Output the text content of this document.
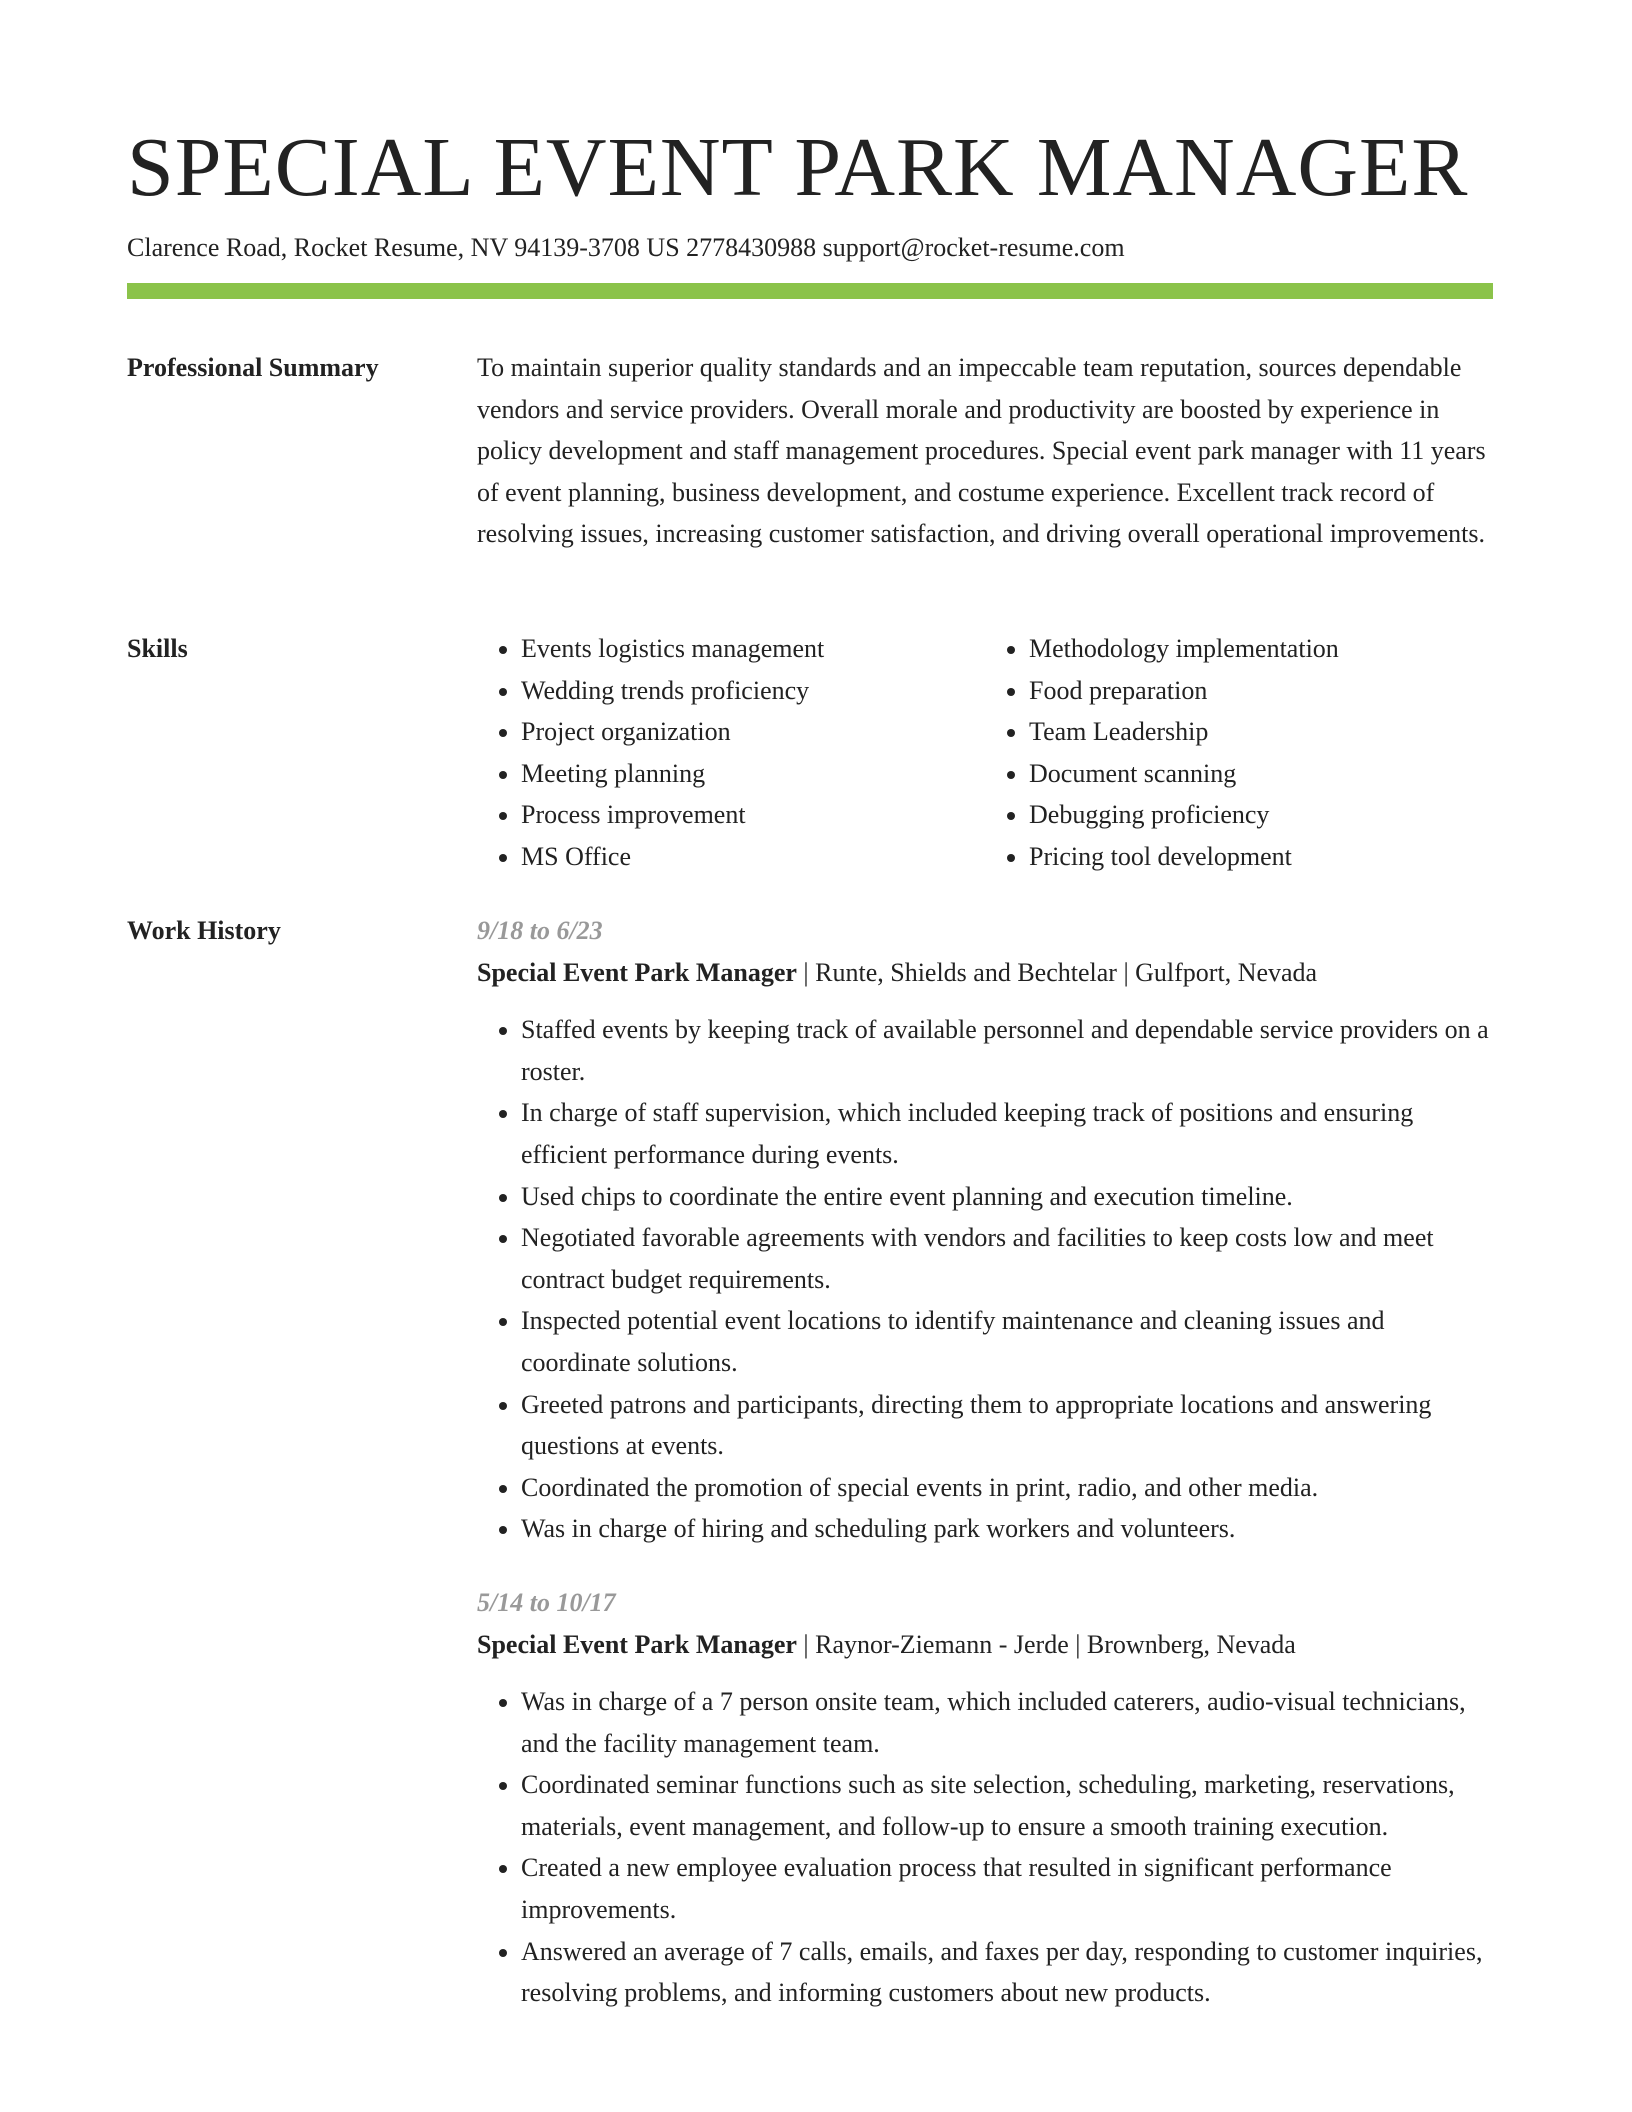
SPECIAL EVENT PARK MANAGER
Clarence Road, Rocket Resume, NV 94139-3708 US 2778430988 support@rocket-resume.com
Professional Summary	To maintain superior quality standards and an impeccable team reputation, sources dependable vendors and service providers. Overall morale and productivity are boosted by experience in policy development and staff management procedures. Special event park manager with 11 years of event planning, business development, and costume experience. Excellent track record of resolving issues, increasing customer satisfaction, and driving overall operational improvements.

Skills
•	Events logistics management
• Wedding trends proficiency
• Project organization
• Meeting planning
• Process improvement
• MS Office
• Methodology implementation
• Food preparation
• Team Leadership
• Document scanning
• Debugging proficiency
• Pricing tool development
Work History	9/18 to 6/23
Special Event Park Manager | Runte, Shields and Bechtelar | Gulfport, Nevada
• Staffed events by keeping track of available personnel and dependable service providers on a roster.
• In charge of staff supervision, which included keeping track of positions and ensuring efficient performance during events.
• Used chips to coordinate the entire event planning and execution timeline.
• Negotiated favorable agreements with vendors and facilities to keep costs low and meet contract budget requirements.
• Inspected potential event locations to identify maintenance and cleaning issues and coordinate solutions.
• Greeted patrons and participants, directing them to appropriate locations and answering questions at events.
• Coordinated the promotion of special events in print, radio, and other media.
• Was in charge of hiring and scheduling park workers and volunteers.
5/14 to 10/17
Special Event Park Manager | Raynor-Ziemann - Jerde | Brownberg, Nevada
• Was in charge of a 7 person onsite team, which included caterers, audio-visual technicians, and the facility management team.
• Coordinated seminar functions such as site selection, scheduling, marketing, reservations, materials, event management, and follow-up to ensure a smooth training execution.
• Created a new employee evaluation process that resulted in significant performance improvements.
• Answered an average of 7 calls, emails, and faxes per day, responding to customer inquiries, resolving problems, and informing customers about new products.
